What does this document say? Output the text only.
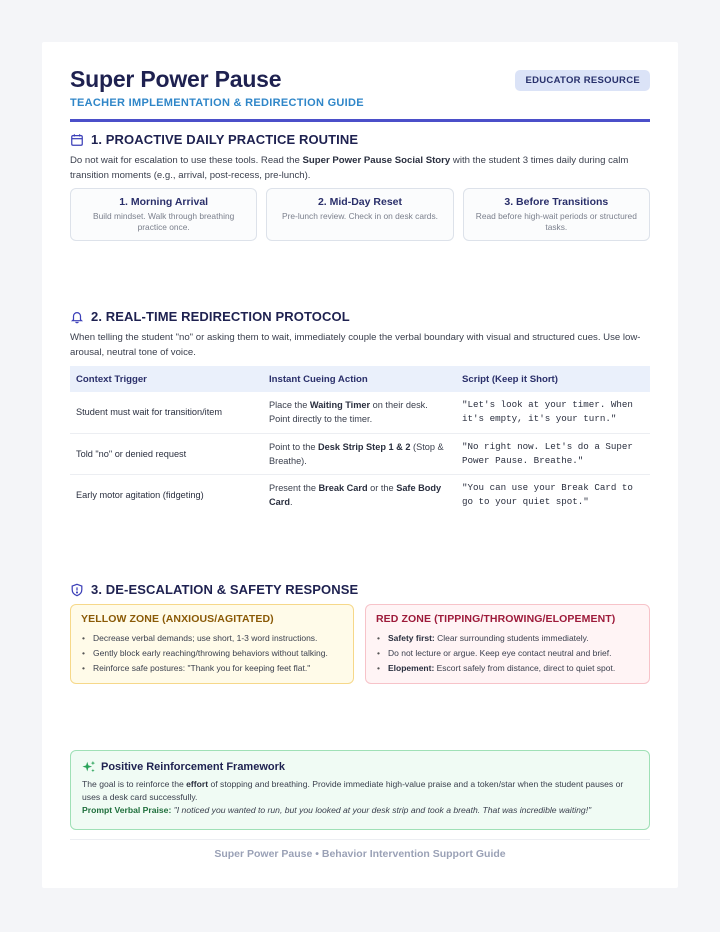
Super Power Pause
TEACHER IMPLEMENTATION & REDIRECTION GUIDE
EDUCATOR RESOURCE
1. PROACTIVE DAILY PRACTICE ROUTINE
Do not wait for escalation to use these tools. Read the Super Power Pause Social Story with the student 3 times daily during calm transition moments (e.g., arrival, post-recess, pre-lunch).
1. Morning Arrival
Build mindset. Walk through breathing practice once.
2. Mid-Day Reset
Pre-lunch review. Check in on desk cards.
3. Before Transitions
Read before high-wait periods or structured tasks.
2. REAL-TIME REDIRECTION PROTOCOL
When telling the student "no" or asking them to wait, immediately couple the verbal boundary with visual and structured cues. Use low-arousal, neutral tone of voice.
Context Trigger	Instant Cueing Action	Script (Keep it Short)
Student must wait for transition/item	Place the Waiting Timer on their desk. Point directly to the timer.	"Let's look at your timer. When it's empty, it's your turn."
Told "no" or denied request	Point to the Desk Strip Step 1 & 2 (Stop & Breathe).	"No right now. Let's do a Super Power Pause. Breathe."
Early motor agitation (fidgeting)	Present the Break Card or the Safe Body Card.	"You can use your Break Card to go to your quiet spot."
3. DE-ESCALATION & SAFETY RESPONSE
YELLOW ZONE (ANXIOUS/AGITATED)
• Decrease verbal demands; use short, 1-3 word instructions.
• Gently block early reaching/throwing behaviors without talking.
• Reinforce safe postures: "Thank you for keeping feet flat."
RED ZONE (TIPPING/THROWING/ELOPEMENT)
• Safety first: Clear surrounding students immediately.
• Do not lecture or argue. Keep eye contact neutral and brief.
• Elopement: Escort safely from distance, direct to quiet spot.
Positive Reinforcement Framework
The goal is to reinforce the effort of stopping and breathing. Provide immediate high-value praise and a token/star when the student pauses or uses a desk card successfully.
Prompt Verbal Praise: "I noticed you wanted to run, but you looked at your desk strip and took a breath. That was incredible waiting!"
Super Power Pause • Behavior Intervention Support Guide
